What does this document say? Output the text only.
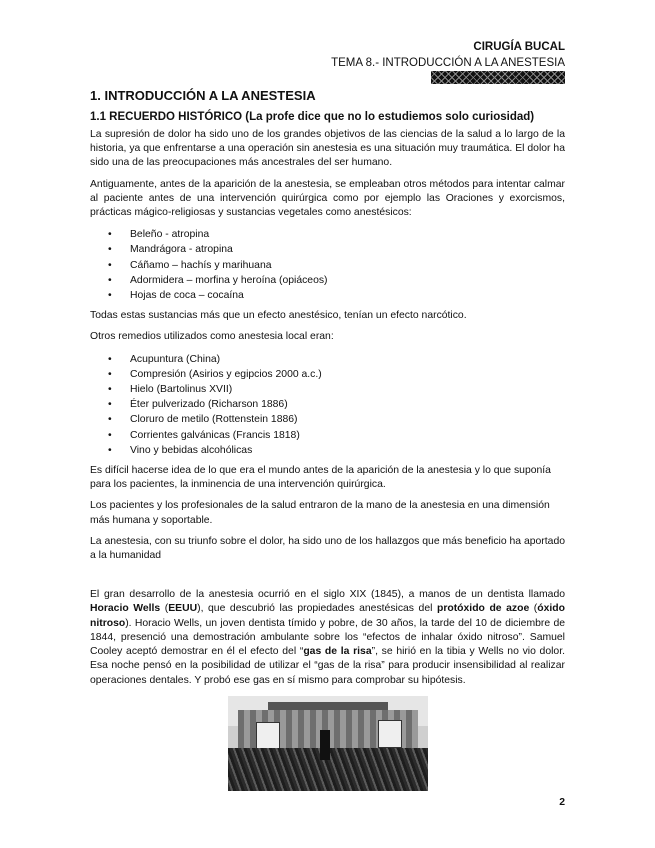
CIRUGÍA BUCAL
TEMA 8.- INTRODUCCIÓN A LA ANESTESIA
1. INTRODUCCIÓN A LA ANESTESIA
1.1 RECUERDO HISTÓRICO (La profe dice que no lo estudiemos solo curiosidad)

La supresión de dolor ha sido uno de los grandes objetivos de las ciencias de la salud a lo largo de la historia, ya que enfrentarse a una operación sin anestesia es una situación muy traumática. El dolor ha sido una de las preocupaciones más ancestrales del ser humano.

Antiguamente, antes de la aparición de la anestesia, se empleaban otros métodos para intentar calmar al paciente antes de una intervención quirúrgica como por ejemplo las Oraciones y exorcismos, prácticas mágico-religiosas y sustancias vegetales como anestésicos:

• Beleño - atropina
• Mandrágora - atropina
• Cáñamo – hachís y marihuana
• Adormidera – morfina y heroína (opiáceos)
• Hojas de coca – cocaína

Todas estas sustancias más que un efecto anestésico, tenían un efecto narcótico.

Otros remedios utilizados como anestesia local eran:

• Acupuntura (China)
• Compresión (Asirios y egipcios 2000 a.c.)
• Hielo (Bartolinus XVII)
• Éter pulverizado (Richarson 1886)
• Cloruro de metilo (Rottenstein 1886)
• Corrientes galvánicas (Francis 1818)
• Vino y bebidas alcohólicas

Es difícil hacerse idea de lo que era el mundo antes de la aparición de la anestesia y lo que suponía para los pacientes, la inminencia de una intervención quirúrgica.

Los pacientes y los profesionales de la salud entraron de la mano de la anestesia en una dimensión más humana y soportable.

La anestesia, con su triunfo sobre el dolor, ha sido uno de los hallazgos que más beneficio ha aportado a la humanidad

El gran desarrollo de la anestesia ocurrió en el siglo XIX (1845), a manos de un dentista llamado Horacio Wells (EEUU), que descubrió las propiedades anestésicas del protóxido de azoe (óxido nitroso). Horacio Wells, un joven dentista tímido y pobre, de 30 años, la tarde del 10 de diciembre de 1844, presenció una demostración ambulante sobre los “efectos de inhalar óxido nitroso”. Samuel Cooley aceptó demostrar en él el efecto del “gas de la risa”, se hirió en la tibia y Wells no vio dolor. Esa noche pensó en la posibilidad de utilizar el “gas de la risa” para producir insensibilidad al realizar operaciones dentales. Y probó ese gas en sí mismo para comprobar su hipótesis.

2
